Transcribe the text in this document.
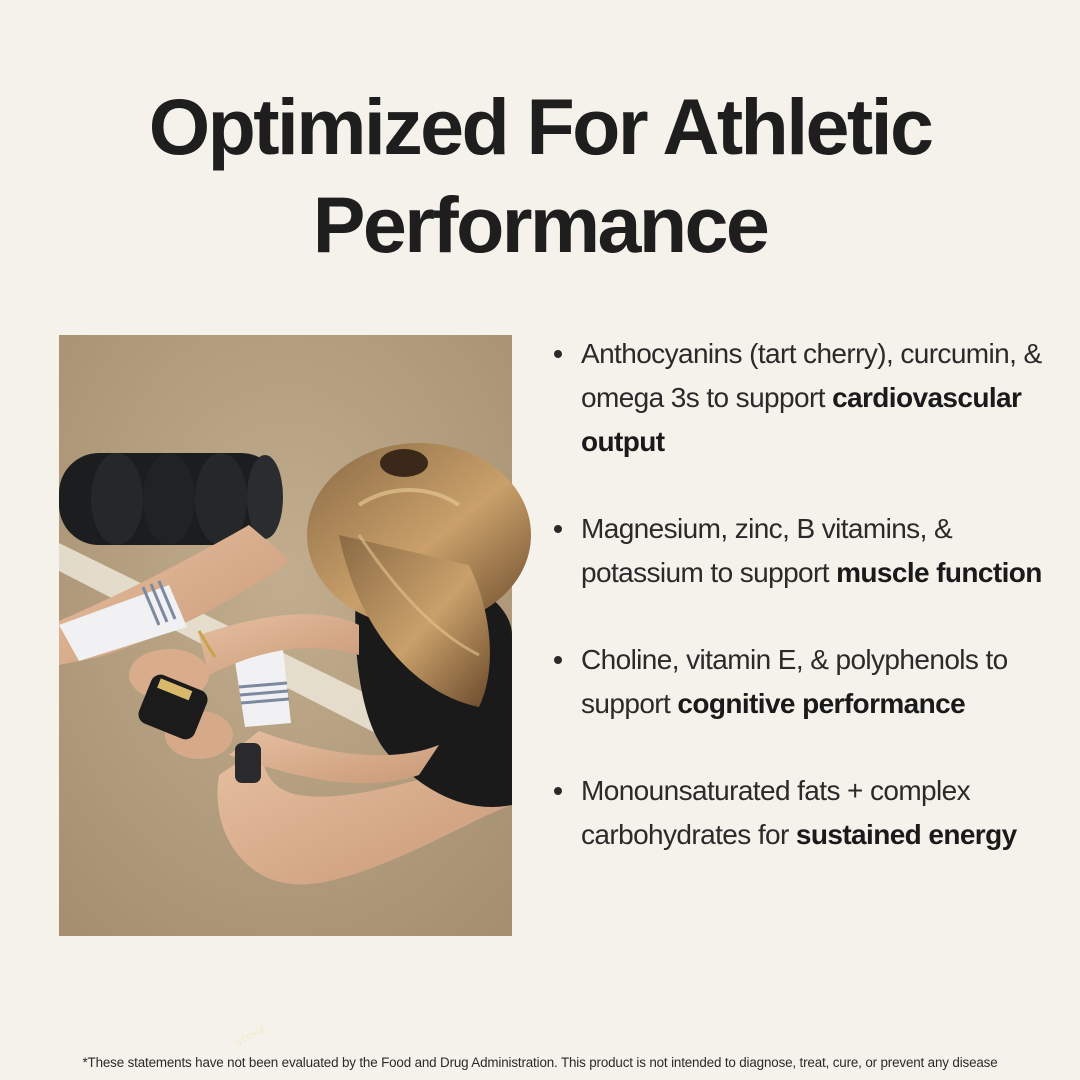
Optimized For Athletic
Performance
STOKE
Anthocyanins (tart cherry), curcumin, & omega 3s to support cardiovascular output
Magnesium, zinc, B vitamins, & potassium to support muscle function
Choline, vitamin E, & polyphenols to support cognitive performance
Monounsaturated fats + complex carbohydrates for sustained energy

*These statements have not been evaluated by the Food and Drug Administration. This product is not intended to diagnose, treat, cure, or prevent any disease
